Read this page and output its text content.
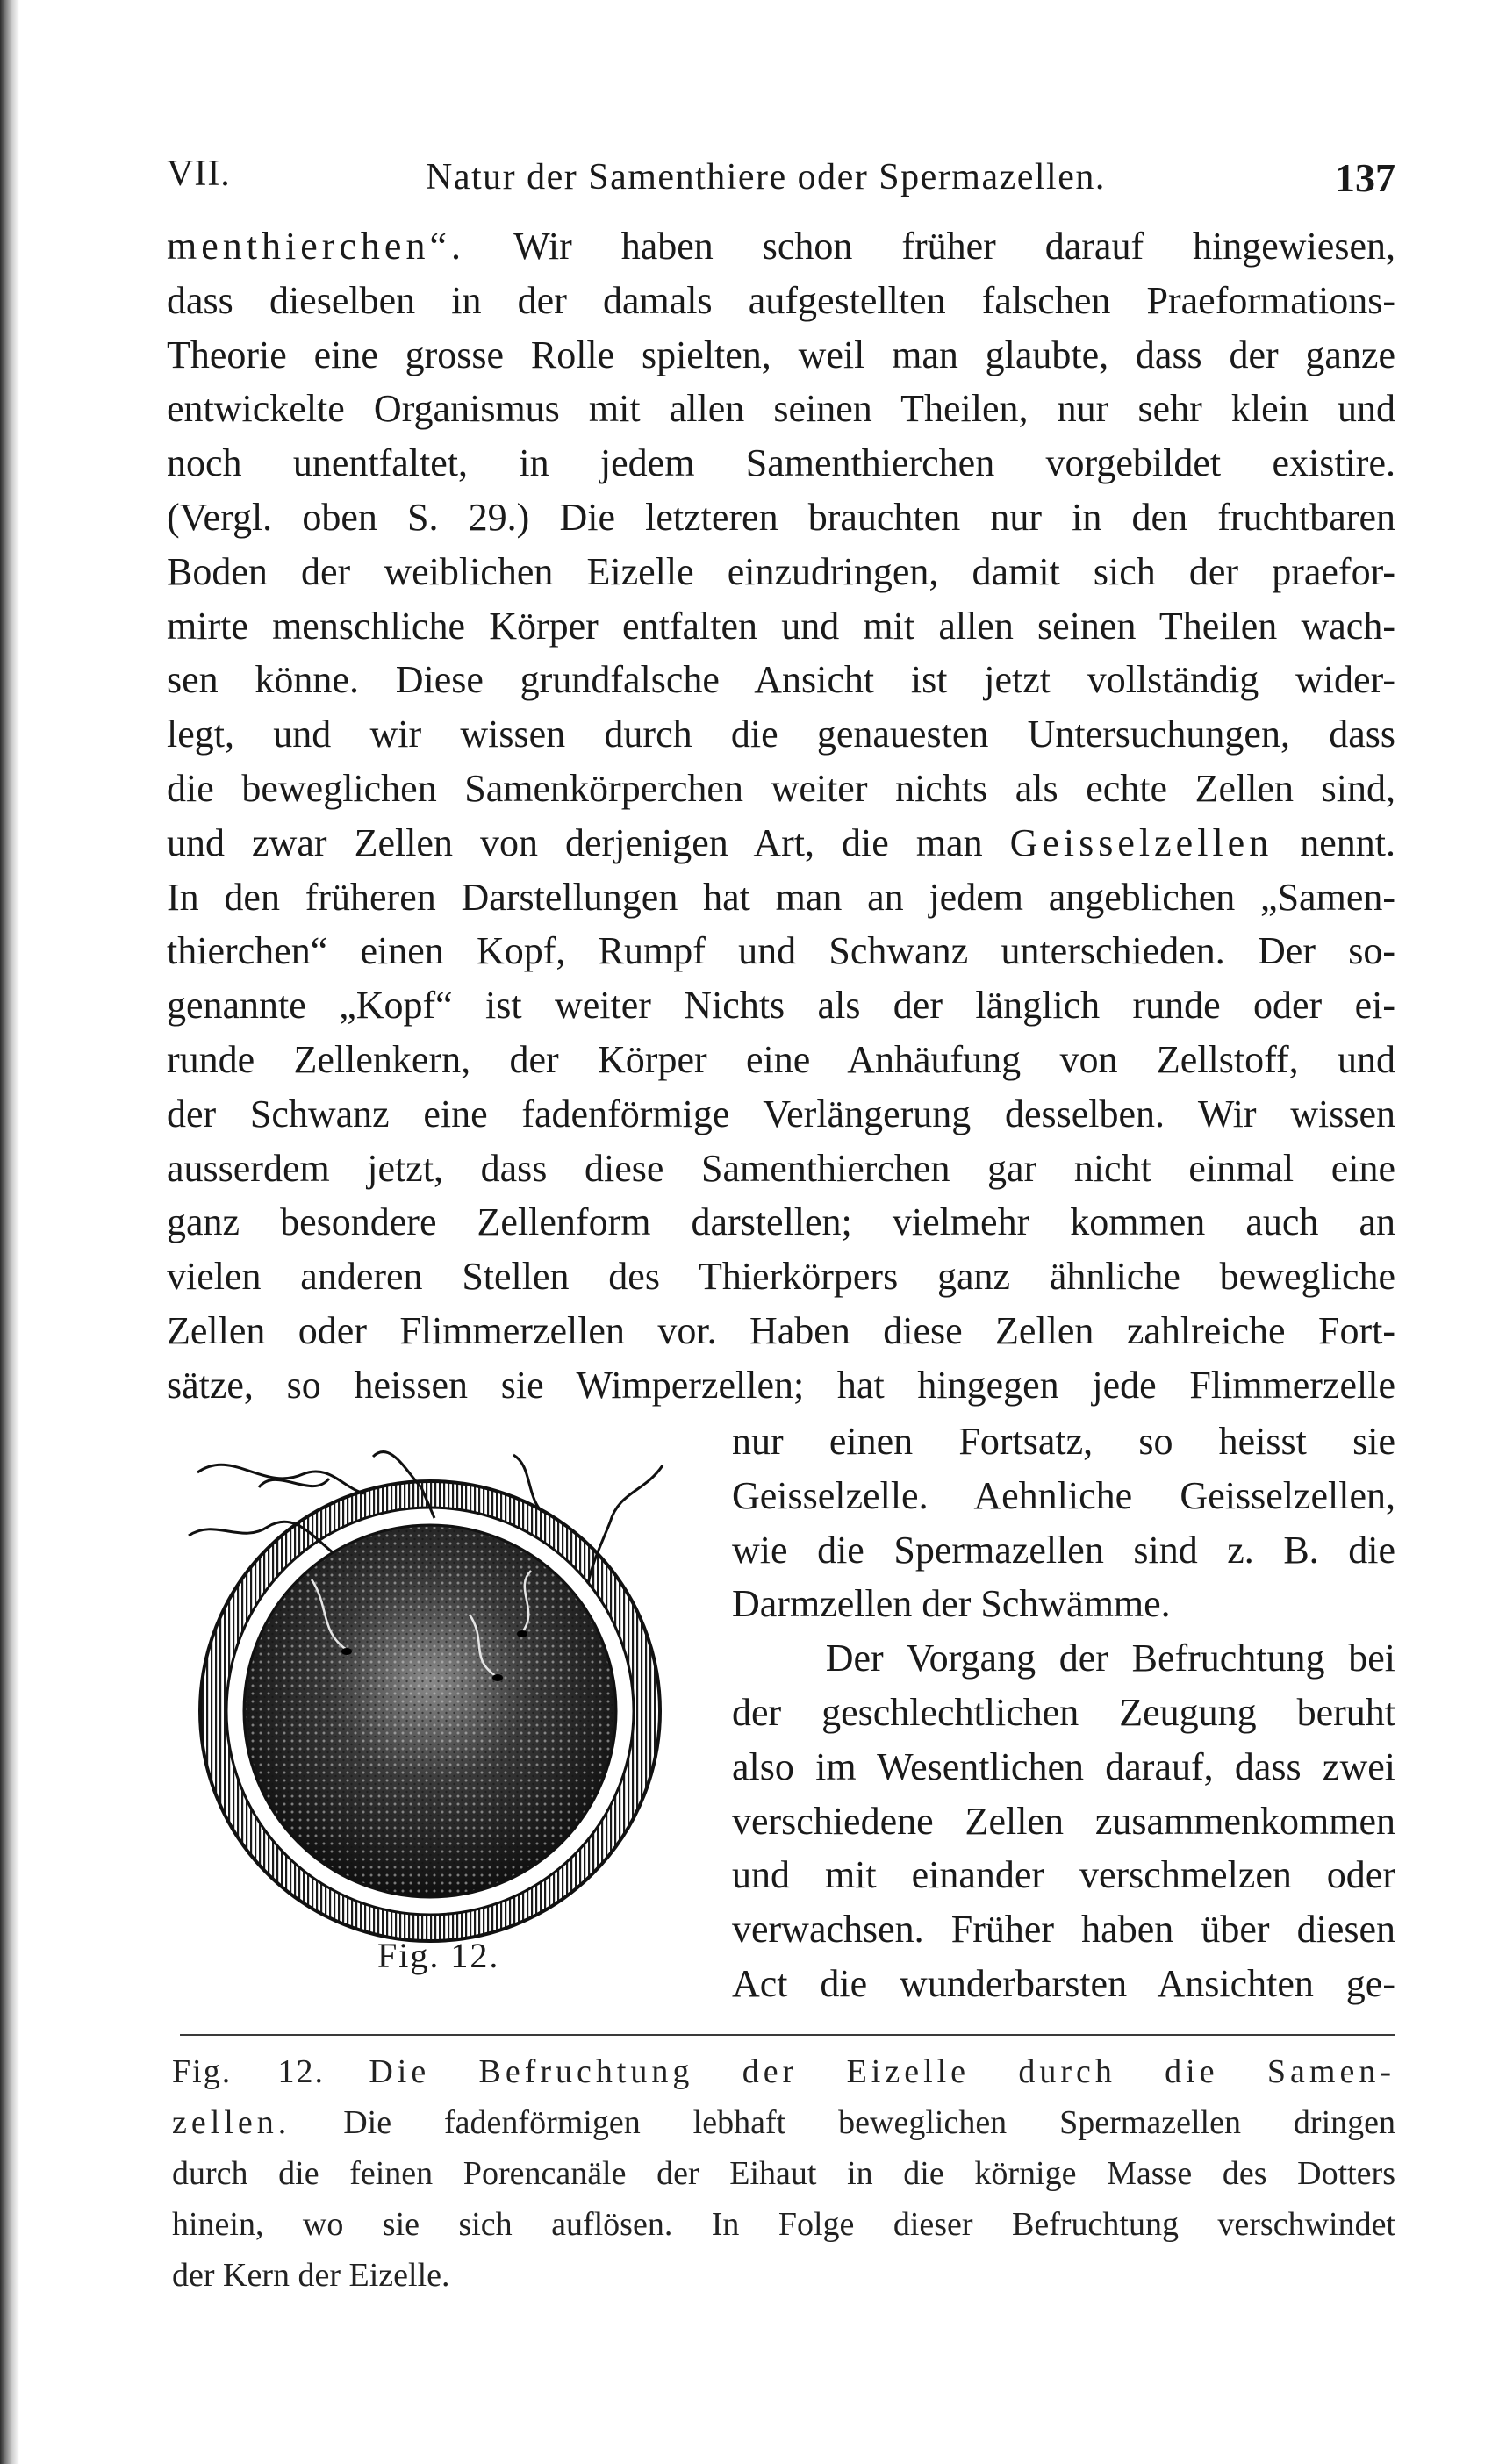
VII.	Natur der Samenthiere oder Spermazellen.	137
menthierchen“. Wir haben schon früher darauf hingewiesen,
dass dieselben in der damals aufgestellten falschen Praeformations-
Theorie eine grosse Rolle spielten, weil man glaubte, dass der ganze
entwickelte Organismus mit allen seinen Theilen, nur sehr klein und
noch unentfaltet, in jedem Samenthierchen vorgebildet existire.
(Vergl. oben S. 29.) Die letzteren brauchten nur in den fruchtbaren
Boden der weiblichen Eizelle einzudringen, damit sich der praefor-
mirte menschliche Körper entfalten und mit allen seinen Theilen wach-
sen könne. Diese grundfalsche Ansicht ist jetzt vollständig wider-
legt, und wir wissen durch die genauesten Untersuchungen, dass
die beweglichen Samenkörperchen weiter nichts als echte Zellen sind,
und zwar Zellen von derjenigen Art, die man Geisselzellen nennt.
In den früheren Darstellungen hat man an jedem angeblichen „Samen-
thierchen“ einen Kopf, Rumpf und Schwanz unterschieden. Der so-
genannte „Kopf“ ist weiter Nichts als der länglich runde oder ei-
runde Zellenkern, der Körper eine Anhäufung von Zellstoff, und
der Schwanz eine fadenförmige Verlängerung desselben. Wir wissen
ausserdem jetzt, dass diese Samenthierchen gar nicht einmal eine
ganz besondere Zellenform darstellen; vielmehr kommen auch an
vielen anderen Stellen des Thierkörpers ganz ähnliche bewegliche
Zellen oder Flimmerzellen vor. Haben diese Zellen zahlreiche Fort-
sätze, so heissen sie Wimperzellen; hat hingegen jede Flimmerzelle
Fig. 12.
nur einen Fortsatz, so heisst sie
Geisselzelle. Aehnliche Geisselzellen,
wie die Spermazellen sind z. B. die
Darmzellen der Schwämme.
Der Vorgang der Befruchtung bei
der geschlechtlichen Zeugung beruht
also im Wesentlichen darauf, dass zwei
verschiedene Zellen zusammenkommen
und mit einander verschmelzen oder
verwachsen. Früher haben über diesen
Act die wunderbarsten Ansichten ge-
Fig. 12. Die Befruchtung der Eizelle durch die Samen-
zellen. Die fadenförmigen lebhaft beweglichen Spermazellen dringen
durch die feinen Porencanäle der Eihaut in die körnige Masse des Dotters
hinein, wo sie sich auflösen. In Folge dieser Befruchtung verschwindet
der Kern der Eizelle.
